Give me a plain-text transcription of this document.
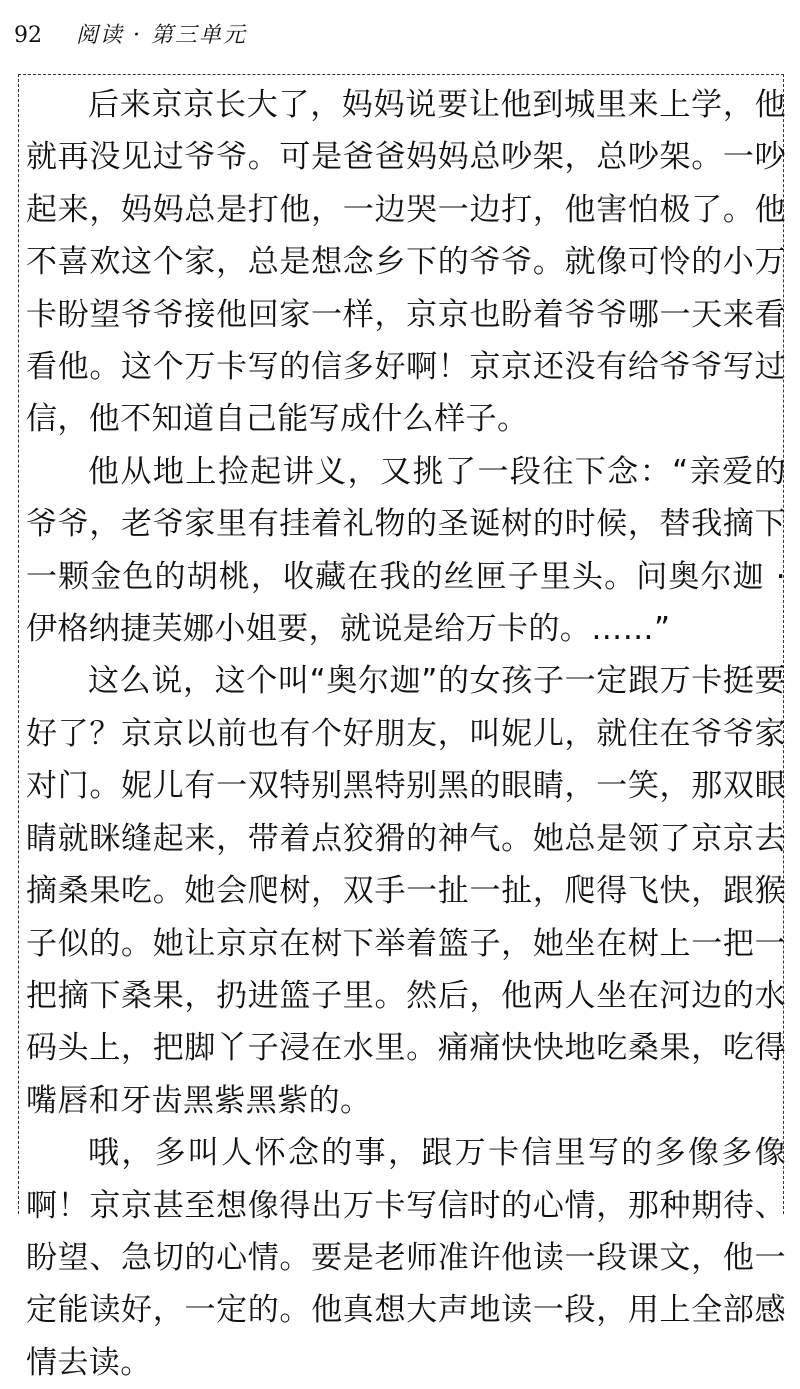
92 阅读 · 第三单元

后来京京长大了，妈妈说要让他到城里来上学，他就再没见过爷爷。可是爸爸妈妈总吵架，总吵架。一吵起来，妈妈总是打他，一边哭一边打，他害怕极了。他不喜欢这个家，总是想念乡下的爷爷。就像可怜的小万卡盼望爷爷接他回家一样，京京也盼着爷爷哪一天来看看他。这个万卡写的信多好啊！京京还没有给爷爷写过信，他不知道自己能写成什么样子。

他从地上捡起讲义，又挑了一段往下念：“亲爱的爷爷，老爷家里有挂着礼物的圣诞树的时候，替我摘下一颗金色的胡桃，收藏在我的丝匣子里头。问奥尔迦 · 伊格纳捷芙娜小姐要，就说是给万卡的。……”

这么说，这个叫“奥尔迦”的女孩子一定跟万卡挺要好了？京京以前也有个好朋友，叫妮儿，就住在爷爷家对门。妮儿有一双特别黑特别黑的眼睛，一笑，那双眼睛就眯缝起来，带着点狡猾的神气。她总是领了京京去摘桑果吃。她会爬树，双手一扯一扯，爬得飞快，跟猴子似的。她让京京在树下举着篮子，她坐在树上一把一把摘下桑果，扔进篮子里。然后，他两人坐在河边的水码头上，把脚丫子浸在水里。痛痛快快地吃桑果，吃得嘴唇和牙齿黑紫黑紫的。

哦，多叫人怀念的事，跟万卡信里写的多像多像啊！京京甚至想像得出万卡写信时的心情，那种期待、盼望、急切的心情。要是老师准许他读一段课文，他一定能读好，一定的。他真想大声地读一段，用上全部感情去读。
